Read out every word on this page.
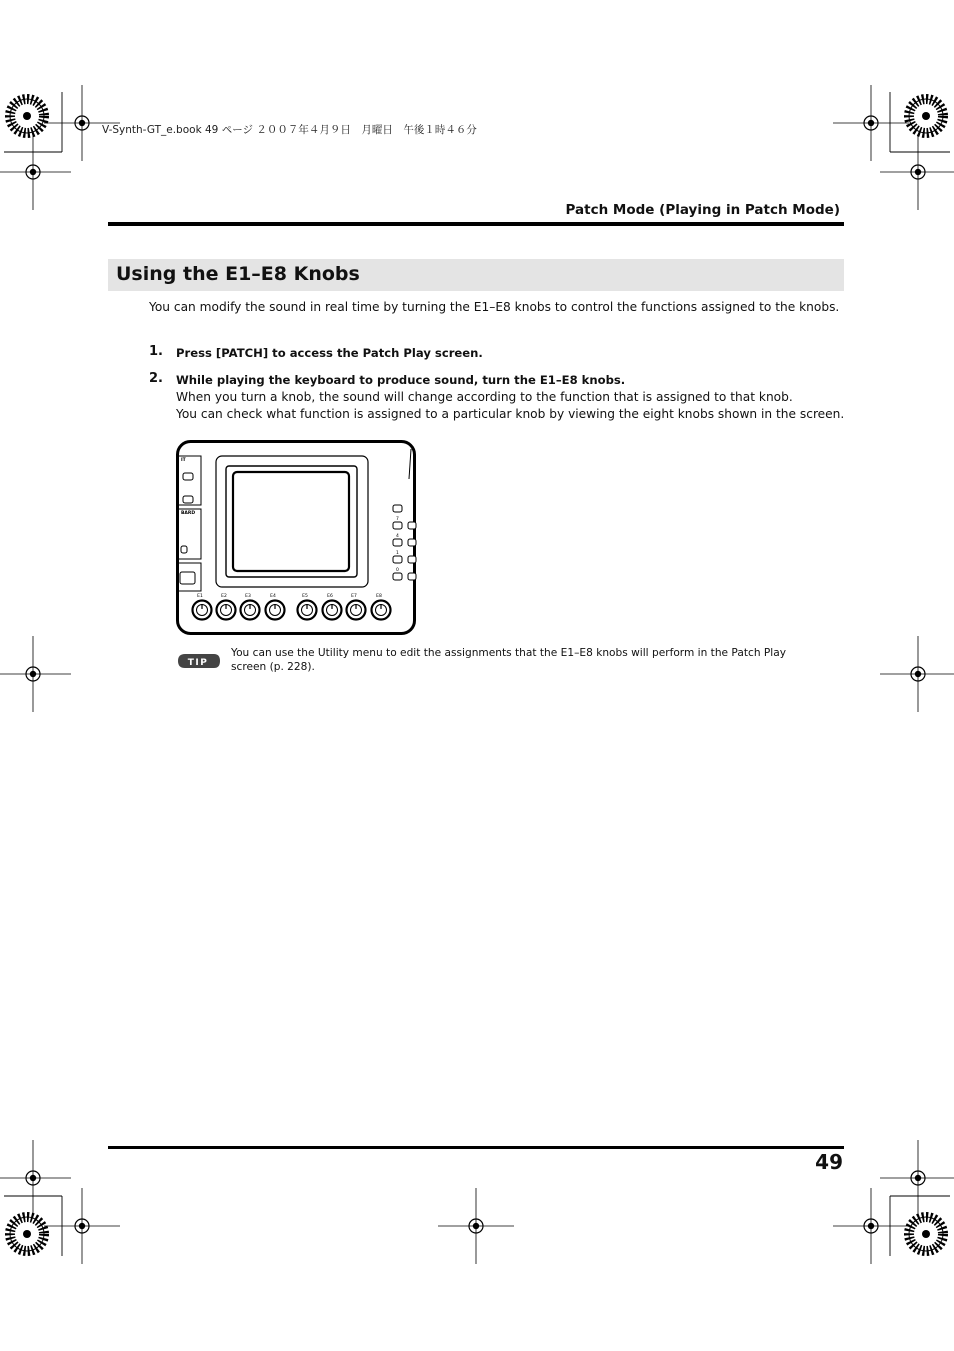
V-Synth-GT_e.book 49 ページ ２００７年４月９日　月曜日　午後１時４６分
Patch Mode (Playing in Patch Mode)
Using the E1–E8 Knobs
You can modify the sound in real time by turning the E1–E8 knobs to control the functions assigned to the knobs.
1. Press [PATCH] to access the Patch Play screen.
2. While playing the keyboard to produce sound, turn the E1–E8 knobs.
When you turn a knob, the sound will change according to the function that is assigned to that knob.
You can check what function is assigned to a particular knob by viewing the eight knobs shown in the screen.
IT
BARD
7
4
1
0
E1	E2	E3	E4	E5	E6	E7	E8
TIP
You can use the Utility menu to edit the assignments that the E1–E8 knobs will perform in the Patch Play screen (p. 228).
49
